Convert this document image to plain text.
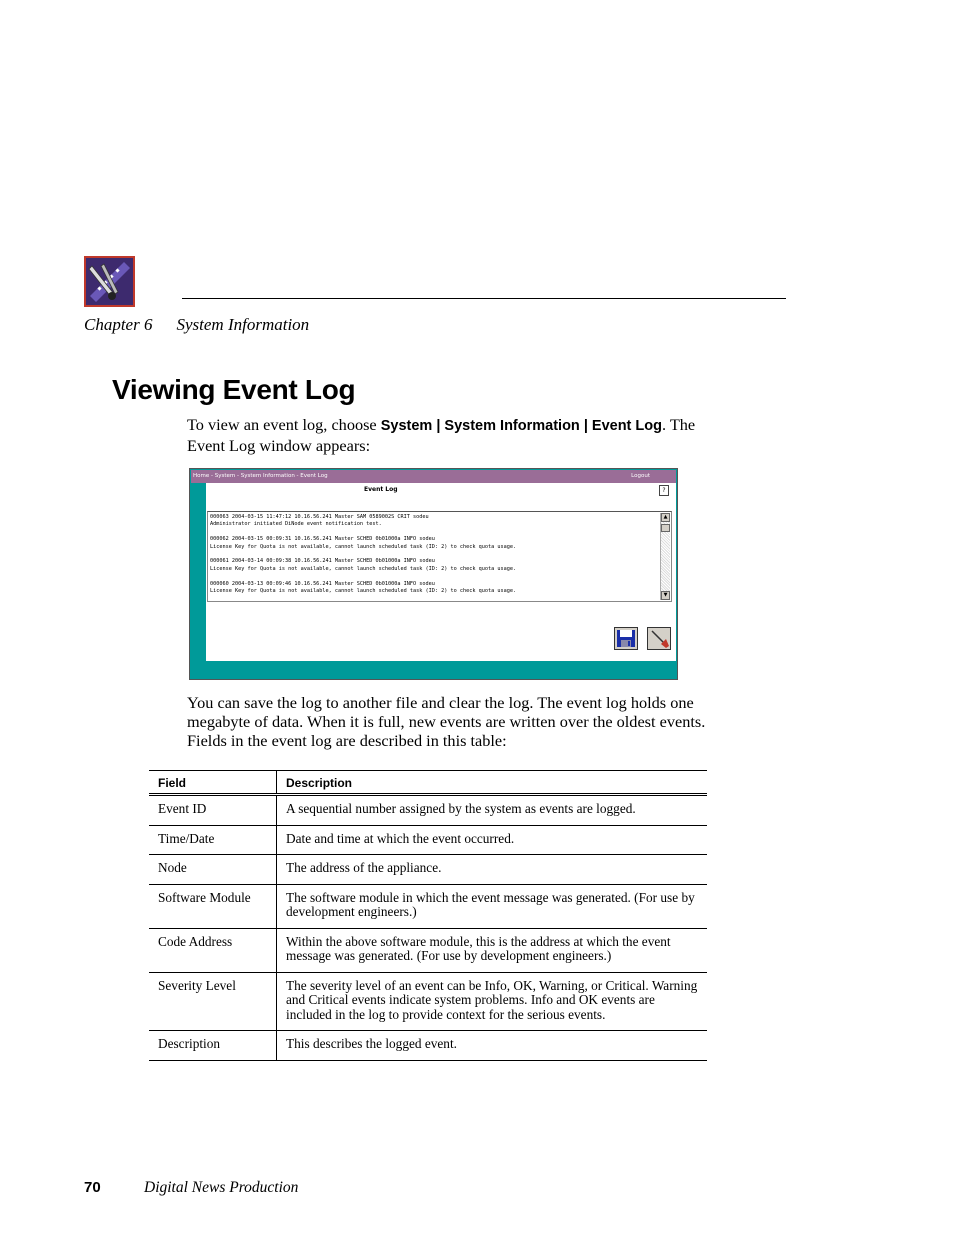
Chapter 6 System Information
Viewing Event Log

To view an event log, choose System | System Information | Event Log. The Event Log window appears:

Home - System - System Information - Event Log	Logout
Event Log	?
000063 2004-03-15 11:47:12 10.16.56.241 Master SAM 0589002S CRIT sodeu
Administrator initiated DiNode event notification test.
000062 2004-03-15 00:09:31 10.16.56.241 Master SCHED 0b01000a INFO sodeu
License Key for Quota is not available, cannot launch scheduled task (ID: 2) to check quota usage.
000061 2004-03-14 00:09:38 10.16.56.241 Master SCHED 0b01000a INFO sodeu
License Key for Quota is not available, cannot launch scheduled task (ID: 2) to check quota usage.
000060 2004-03-13 00:09:46 10.16.56.241 Master SCHED 0b01000a INFO sodeu
License Key for Quota is not available, cannot launch scheduled task (ID: 2) to check quota usage.
▲
▼

You can save the log to another file and clear the log. The event log holds one megabyte of data. When it is full, new events are written over the oldest events. Fields in the event log are described in this table:

Field	Description
Event ID	A sequential number assigned by the system as events are logged.
Time/Date	Date and time at which the event occurred.
Node	The address of the appliance.
Software Module	The software module in which the event message was generated. (For use by development engineers.)
Code Address	Within the above software module, this is the address at which the event message was generated. (For use by development engineers.)
Severity Level	The severity level of an event can be Info, OK, Warning, or Critical. Warning and Critical events indicate system problems. Info and OK events are included in the log to provide context for the serious events.
Description	This describes the logged event.
70	Digital News Production
